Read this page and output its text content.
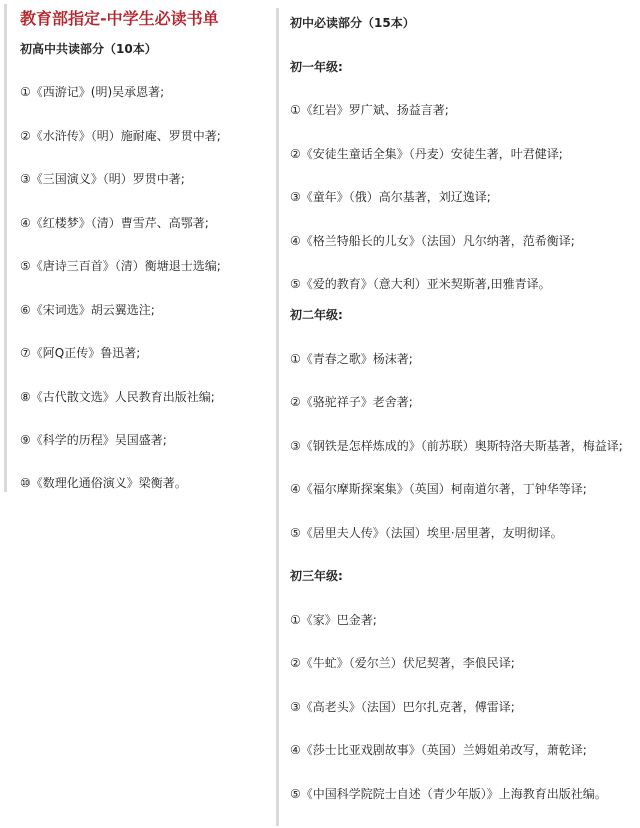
教育部指定-中学生必读书单
初高中共读部分（10本）
①《西游记》(明)吴承恩著;
②《水浒传》（明）施耐庵、罗贯中著;
③《三国演义》（明）罗贯中著;
④《红楼梦》（清）曹雪芹、高鄂著;
⑤《唐诗三百首》（清）衡塘退士选编;
⑥《宋词选》胡云翼选注;
⑦《阿Q正传》鲁迅著;
⑧《古代散文选》人民教育出版社编;
⑨《科学的历程》吴国盛著;
⑩《数理化通俗演义》梁衡著。
初中必读部分（15本）
初一年级:
①《红岩》罗广斌、扬益言著;
②《安徒生童话全集》（丹麦）安徒生著，叶君健译;
③《童年》（俄）高尔基著，刘辽逸译;
④《格兰特船长的儿女》（法国）凡尔纳著，范希衡译;
⑤《爱的教育》（意大利）亚米契斯著,田雅青译。
初二年级:
①《青春之歌》杨沫著;
②《骆驼祥子》老舍著;
③《钢铁是怎样炼成的》（前苏联）奥斯特洛夫斯基著，梅益译;
④《福尔摩斯探案集》（英国）柯南道尔著，丁钟华等译;
⑤《居里夫人传》（法国）埃里·居里著，友明彻译。
初三年级:
①《家》巴金著;
②《牛虻》（爱尔兰）伏尼契著，李俍民译;
③《高老头》（法国）巴尔扎克著，傅雷译;
④《莎士比亚戏剧故事》（英国）兰姆姐弟改写，萧乾译;
⑤《中国科学院院士自述（青少年版）》上海教育出版社编。
